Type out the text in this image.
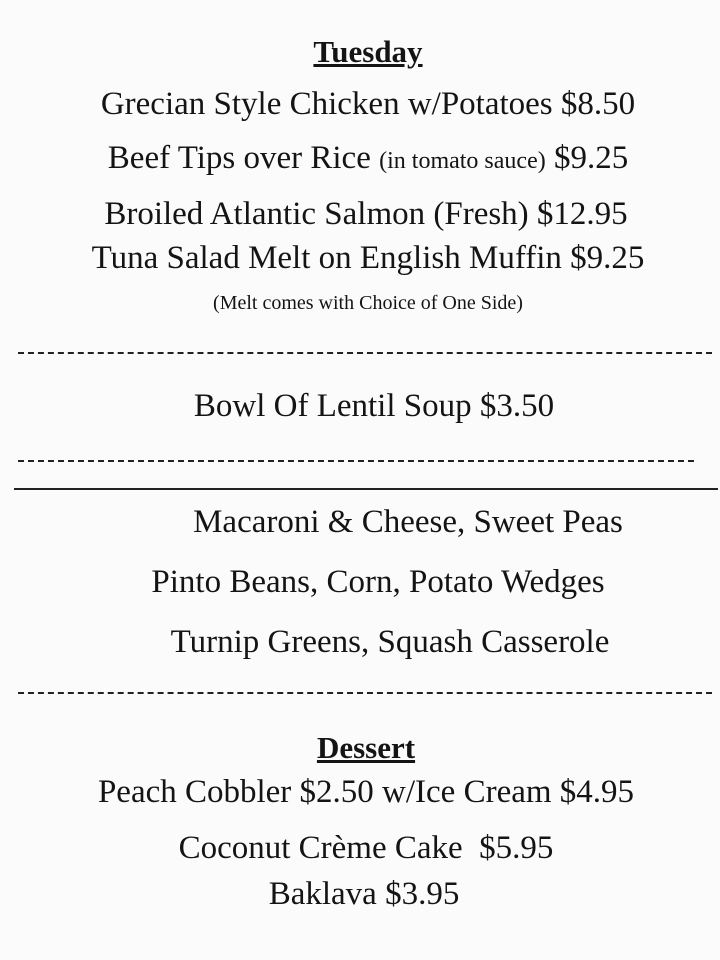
Tuesday
Grecian Style Chicken w/Potatoes $8.50
Beef Tips over Rice (in tomato sauce) $9.25
Broiled Atlantic Salmon (Fresh) $12.95
Tuna Salad Melt on English Muffin $9.25
(Melt comes with Choice of One Side)
Bowl Of Lentil Soup $3.50
Macaroni & Cheese, Sweet Peas
Pinto Beans, Corn, Potato Wedges
Turnip Greens, Squash Casserole
Dessert
Peach Cobbler $2.50 w/Ice Cream $4.95
Coconut Crème Cake $5.95
Baklava $3.95
